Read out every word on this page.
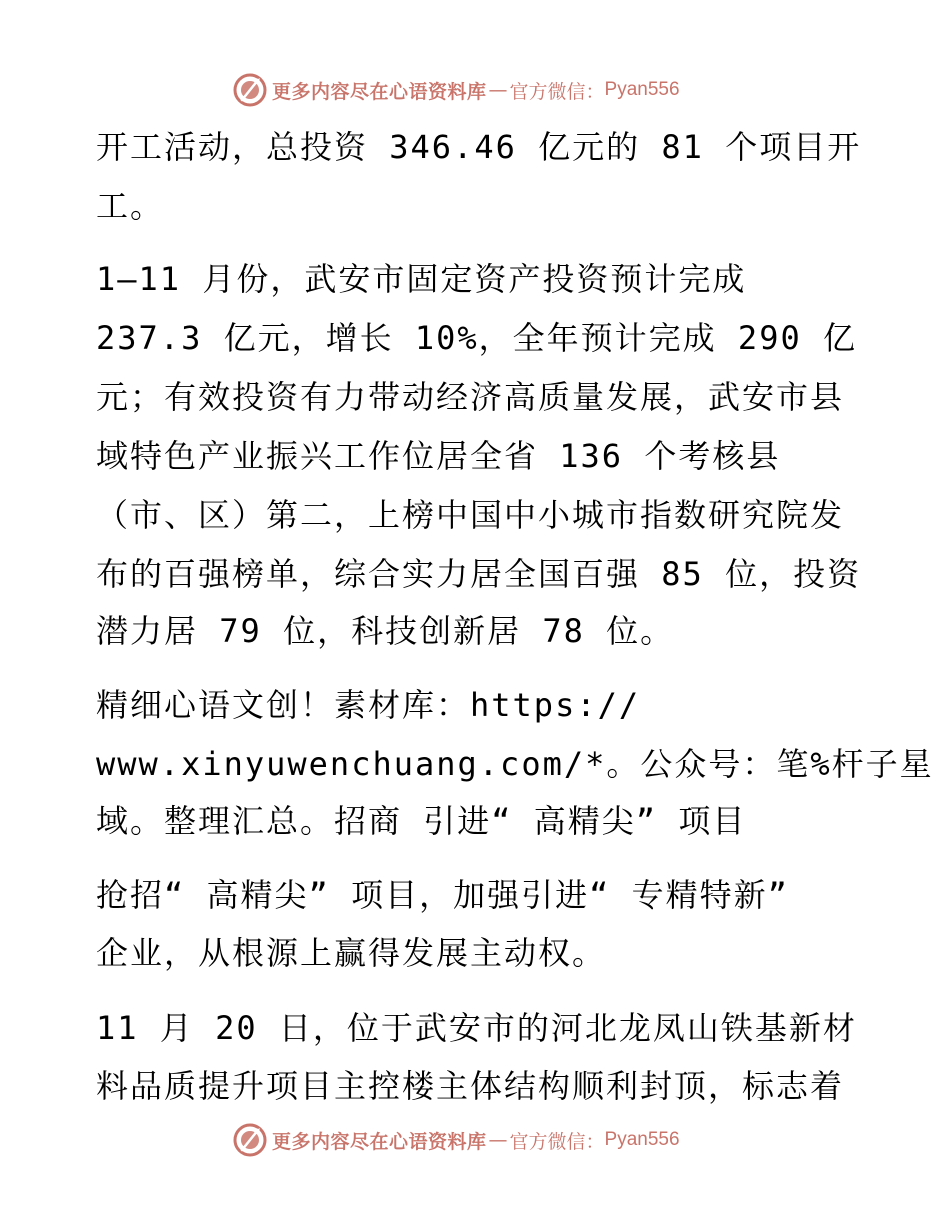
更多内容尽在心语资料库 — 官方微信： Pyan556
开工活动，总投资 346.46 亿元的 81 个项目开
工。
1—11 月份，武安市固定资产投资预计完成
237.3 亿元，增长 10%，全年预计完成 290 亿
元；有效投资有力带动经济高质量发展，武安市县
域特色产业振兴工作位居全省 136 个考核县
（市、区）第二，上榜中国中小城市指数研究院发
布的百强榜单，综合实力居全国百强 85 位，投资
潜力居 79 位，科技创新居 78 位。
精细心语文创！素材库：https://
www.xinyuwenchuang.com/*。公众号：笔%杆子星
域。整理汇总。招商 引进“ 高精尖” 项目
抢招“ 高精尖” 项目，加强引进“ 专精特新”
企业，从根源上赢得发展主动权。
11 月 20 日，位于武安市的河北龙凤山铁基新材
料品质提升项目主控楼主体结构顺利封顶，标志着
更多内容尽在心语资料库 — 官方微信： Pyan556
